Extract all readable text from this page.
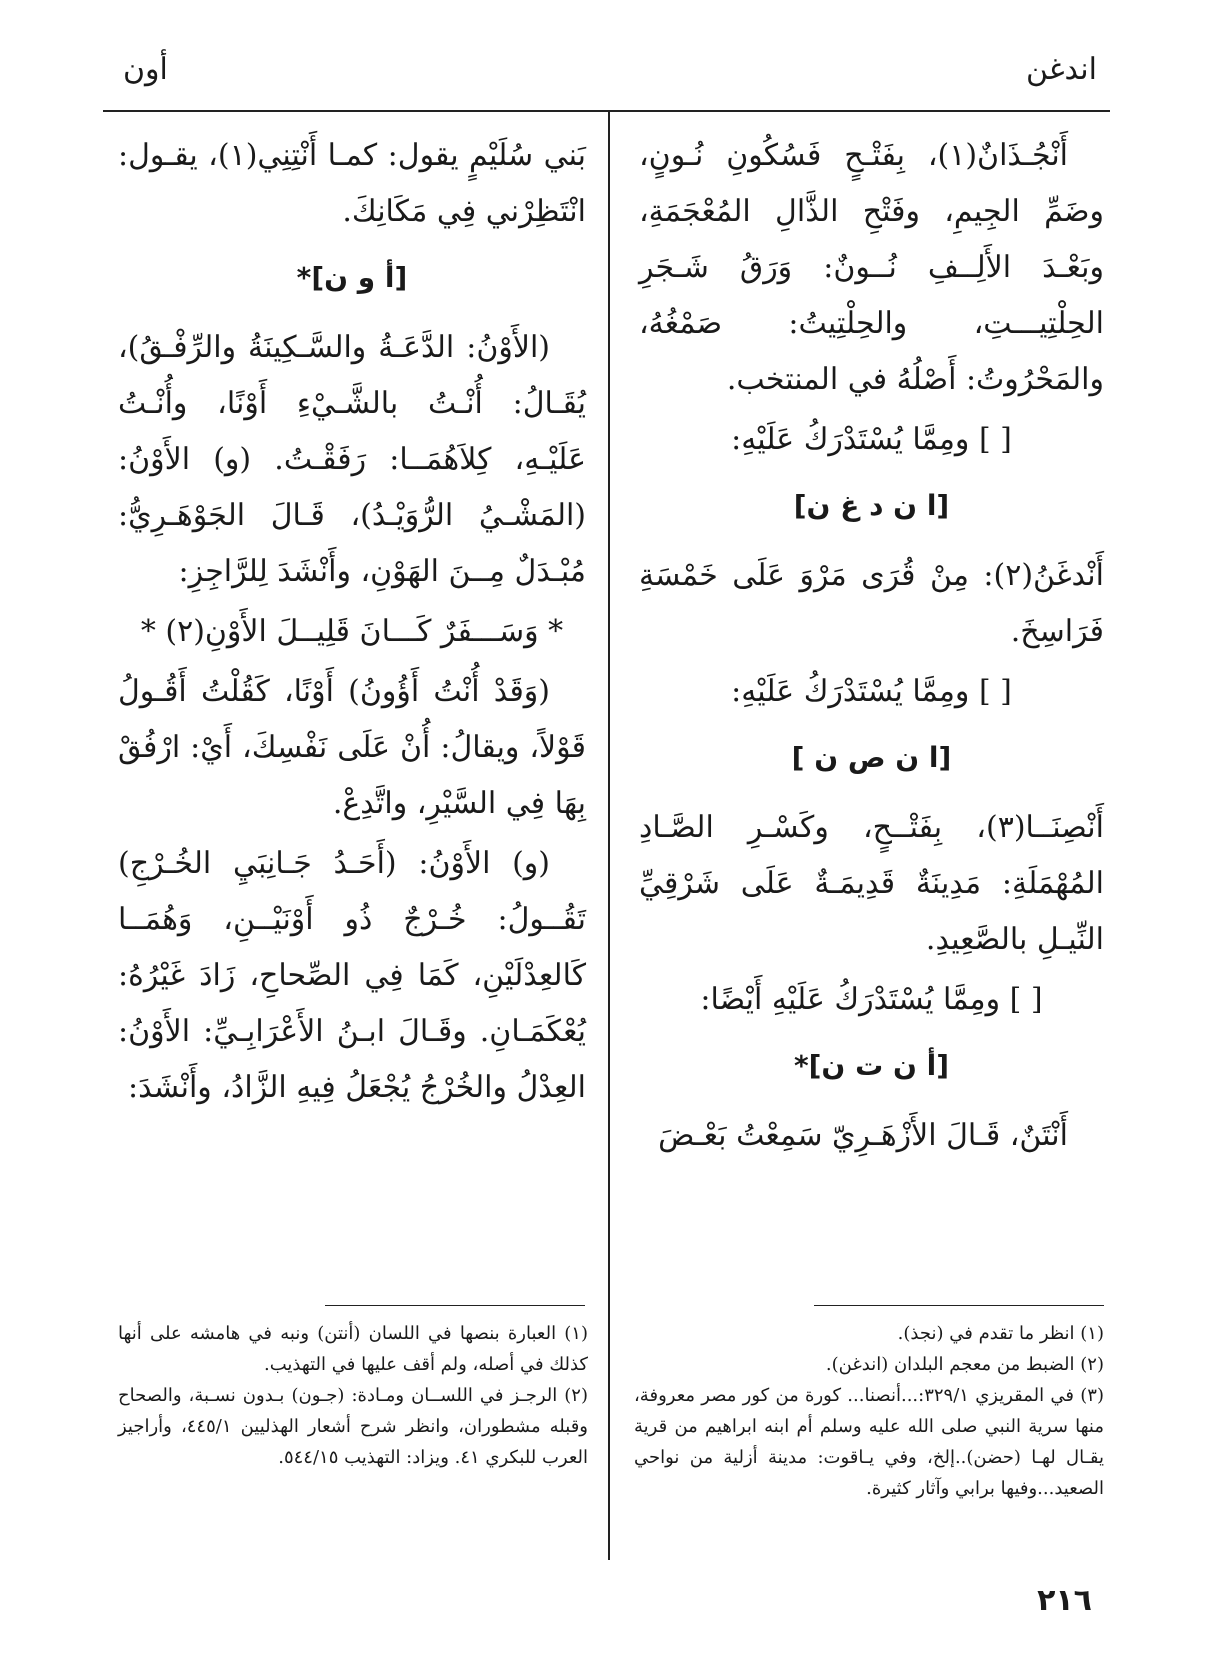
اندغن
أون

أَنْجُـذَانٌ(١)، بِفَتْـحٍ فَسُكُونِ نُـونٍ، وضَمِّ الجِيمِ، وفَتْحِ الذَّالِ المُعْجَمَةِ، وبَعْـدَ الأَلِــفِ نُــونٌ: وَرَقُ شَـجَرِ الحِلْتِيـــتِ، والحِلْتِيتُ: صَمْغُهُ، والمَحْرُوتُ: أَصْلُهُ في المنتخب.

[ ] ومِمَّا يُسْتَدْرَكُ عَلَيْهِ:

[ا ن د غ ن]

أَنْدغَنُ(٢): مِنْ قُرَى مَرْوَ عَلَى خَمْسَةِ فَرَاسِخَ.

[ ] ومِمَّا يُسْتَدْرَكُ عَلَيْهِ:

[ا ن ص ن ]

أَنْصِنَــا(٣)، بِفَتْــحٍ، وكَسْـرِ الصَّـادِ المُهْمَلَةِ: مَدِينَةٌ قَدِيمَـةٌ عَلَى شَرْقِيِّ النِّيـلِ بالصَّعِيدِ.

[ ] ومِمَّا يُسْتَدْرَكُ عَلَيْهِ أَيْضًا:

[أ ن ت ن]*

أَنْتَنٌ، قَـالَ الأَزْهَـرِيّ سَمِعْتُ بَعْـضَ

بَني سُلَيْمٍ يقول: كمـا أَنْتِنِي(١)، يقـول: انْتَظِرْني فِي مَكَانِكَ.

[أ و ن]*

(الأَوْنُ: الدَّعَـةُ والسَّـكِينَةُ والرِّفْـقُ)، يُقَـالُ: أُنْـتُ بالشَّـيْءِ أَوْنًا، وأُنْـتُ عَلَيْـهِ، كِلاَهُمَــا: رَفَقْـتُ. (و) الأَوْنُ: (المَشْـيُ الرُّوَيْـدُ)، قَـالَ الجَوْهَـرِيُّ: مُبْـدَلٌ مِــنَ الهَوْنِ، وأَنْشَدَ لِلرَّاجِزِ:

* وَسَـــفَرٌ كَـــانَ قَلِيــلَ الأَوْنِ(٢) *

(وَقَدْ أُنْتُ أَؤُونُ) أَوْنًا، كَقُلْتُ أَقُـولُ قَوْلاً، ويقالُ: أُنْ عَلَى نَفْسِكَ، أَيْ: ارْفُقْ بِهَا فِي السَّيْرِ، واتَّدِعْ.

(و) الأَوْنُ: (أَحَـدُ جَـانِبَيِ الخُـرْجِ) تَقُــولُ: خُـرْجٌ ذُو أَوْنَيْــنِ، وَهُمَــا كَالعِدْلَيْنِ، كَمَا فِي الصِّحاحِ، زَادَ غَيْرُهُ: يُعْكَمَـانِ. وقَـالَ ابـنُ الأَعْرَابِـيِّ: الأَوْنُ: العِدْلُ والخُرْجُ يُجْعَلُ فِيهِ الزَّادُ، وأَنْشَدَ:

(١) انظر ما تقدم في (نجذ).

(٢) الضبط من معجم البلدان (اندغن).

(٣) في المقريزي ٣٢٩/١:...أنصنا... كورة من كور مصر معروفة، منها سرية النبي صلى الله عليه وسلم أم ابنه ابراهيم من قرية يقـال لهـا (حضن)..إلخ، وفي يـاقوت: مدينة أزلية من نواحي الصعيد...وفيها برابي وآثار كثيرة.

(١) العبارة بنصها في اللسان (أنتن) ونبه في هامشه على أنها كذلك في أصله، ولم أقف عليها في التهذيب.

(٢) الرجـز في اللســان ومـادة: (جـون) بـدون نسـبة، والصحاح وقبله مشطوران، وانظر شرح أشعار الهذليين ٤٤٥/١، وأراجيز العرب للبكري ٤١. ويزاد: التهذيب ٥٤٤/١٥.

٢١٦
